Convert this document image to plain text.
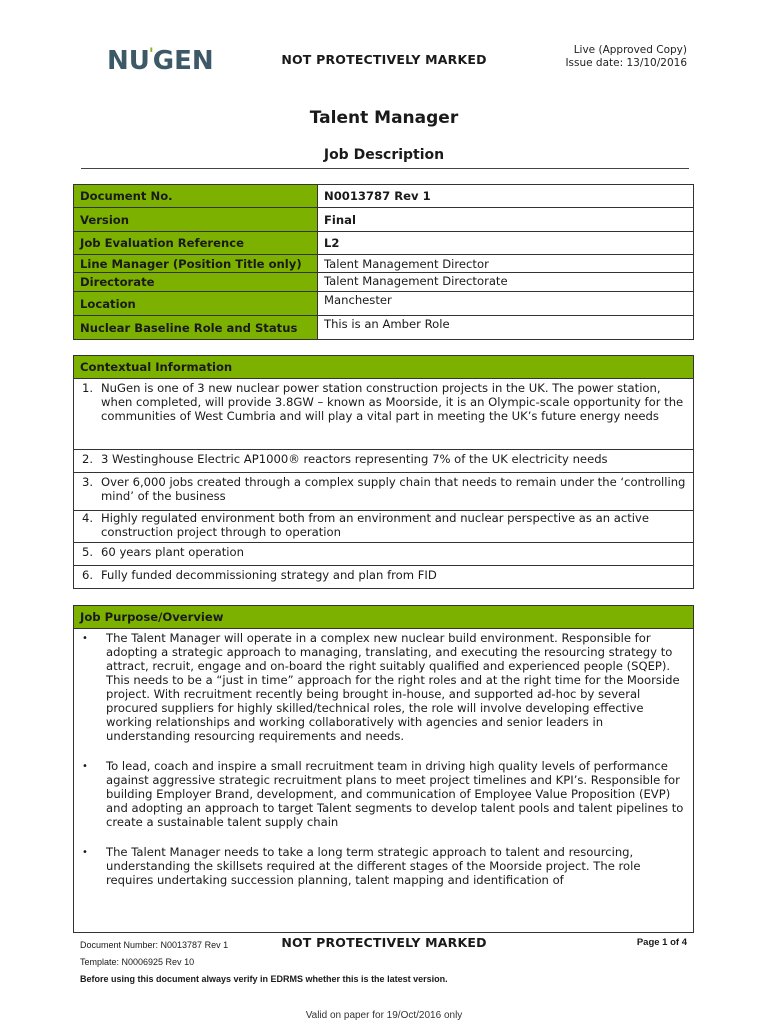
NU'GEN	NOT PROTECTIVELY MARKED
Live (Approved Copy)
Issue date: 13/10/2016
Talent Manager
Job Description
Document No.	N0013787 Rev 1
Version	Final
Job Evaluation Reference	L2
Line Manager (Position Title only)	Talent Management Director
Directorate	Talent Management Directorate
Location	Manchester
Nuclear Baseline Role and Status	This is an Amber Role
Contextual Information

1. NuGen is one of 3 new nuclear power station construction projects in the UK. The power station, when completed, will provide 3.8GW – known as Moorside, it is an Olympic-scale opportunity for the communities of West Cumbria and will play a vital part in meeting the UK’s future energy needs

2. 3 Westinghouse Electric AP1000® reactors representing 7% of the UK electricity needs

3. Over 6,000 jobs created through a complex supply chain that needs to remain under the ‘controlling mind’ of the business

4. Highly regulated environment both from an environment and nuclear perspective as an active construction project through to operation

5. 60 years plant operation

6. Fully funded decommissioning strategy and plan from FID
Job Purpose/Overview

•	The Talent Manager will operate in a complex new nuclear build environment. Responsible for adopting a strategic approach to managing, translating, and executing the resourcing strategy to attract, recruit, engage and on-board the right suitably qualified and experienced people (SQEP). This needs to be a “just in time” approach for the right roles and at the right time for the Moorside project. With recruitment recently being brought in-house, and supported ad-hoc by several procured suppliers for highly skilled/technical roles, the role will involve developing effective working relationships and working collaboratively with agencies and senior leaders in understanding resourcing requirements and needs.
•	To lead, coach and inspire a small recruitment team in driving high quality levels of performance against aggressive strategic recruitment plans to meet project timelines and KPI’s. Responsible for building Employer Brand, development, and communication of Employee Value Proposition (EVP) and adopting an approach to target Talent segments to develop talent pools and talent pipelines to create a sustainable talent supply chain
•	The Talent Manager needs to take a long term strategic approach to talent and resourcing, understanding the skillsets required at the different stages of the Moorside project. The role requires undertaking succession planning, talent mapping and identification of
Document Number: N0013787 Rev 1
Template: N0006925 Rev 10
Before using this document always verify in EDRMS whether this is the latest version.
NOT PROTECTIVELY MARKED	Page 1 of 4
Valid on paper for 19/Oct/2016 only
